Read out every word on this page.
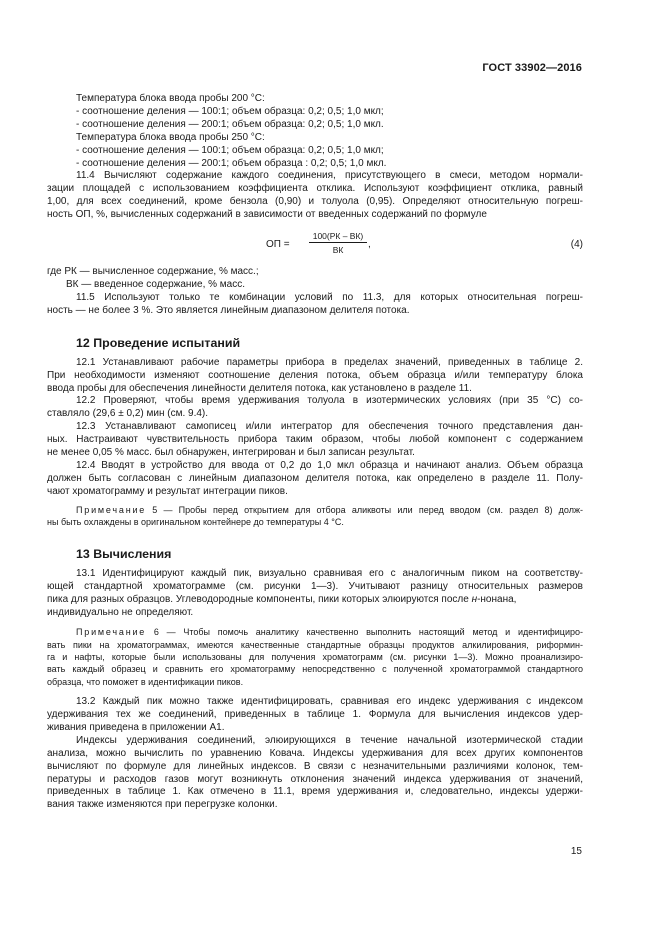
ГОСТ 33902—2016
Температура блока ввода пробы 200 °С:
- соотношение деления — 100:1; объем образца: 0,2; 0,5; 1,0 мкл;
- соотношение деления — 200:1; объем образца: 0,2; 0,5; 1,0 мкл.
Температура блока ввода пробы 250 °С:
- соотношение деления — 100:1; объем образца: 0,2; 0,5; 1,0 мкл;
- соотношение деления — 200:1; объем образца : 0,2; 0,5; 1,0 мкл.
11.4 Вычисляют содержание каждого соединения, присутствующего в смеси, методом нормали-
зации площадей с использованием коэффициента отклика. Используют коэффициент отклика, равный
1,00, для всех соединений, кроме бензола (0,90) и толуола (0,95). Определяют относительную погреш-
ность ОП, %, вычисленных содержаний в зависимости от введенных содержаний по формуле
ОП =
100(РК – ВК)
ВК	,	(4)
где РК — вычисленное содержание, % масс.;
ВК — введенное содержание, % масс.
11.5 Используют только те комбинации условий по 11.3, для которых относительная погреш-
ность — не более 3 %. Это является линейным диапазоном делителя потока.
12 Проведение испытаний
12.1 Устанавливают рабочие параметры прибора в пределах значений, приведенных в таблице 2.
При необходимости изменяют соотношение деления потока, объем образца и/или температуру блока
ввода пробы для обеспечения линейности делителя потока, как установлено в разделе 11.
12.2 Проверяют, чтобы время удерживания толуола в изотермических условиях (при 35 °С) со-
ставляло (29,6 ± 0,2) мин (см. 9.4).
12.3 Устанавливают самописец и/или интегратор для обеспечения точного представления дан-
ных. Настраивают чувствительность прибора таким образом, чтобы любой компонент с содержанием
не менее 0,05 % масс. был обнаружен, интегрирован и был записан результат.
12.4 Вводят в устройство для ввода от 0,2 до 1,0 мкл образца и начинают анализ. Объем образца
должен быть согласован с линейным диапазоном делителя потока, как определено в разделе 11. Полу-
чают хроматограмму и результат интеграции пиков.
Примечание 5 — Пробы перед открытием для отбора аликвоты или перед вводом (см. раздел 8) долж-
ны быть охлаждены в оригинальном контейнере до температуры 4 °С.
13 Вычисления
13.1 Идентифицируют каждый пик, визуально сравнивая его с аналогичным пиком на соответству-
ющей стандартной хроматограмме (см. рисунки 1—3). Учитывают разницу относительных размеров
пика для разных образцов. Углеводородные компоненты, пики которых элюируются после н-нонана,
индивидуально не определяют.
Примечание 6 — Чтобы помочь аналитику качественно выполнить настоящий метод и идентифициро-
вать пики на хроматограммах, имеются качественные стандартные образцы продуктов алкилирования, риформин-
га и нафты, которые были использованы для получения хроматограмм (см. рисунки 1—3). Можно проанализиро-
вать каждый образец и сравнить его хроматограмму непосредственно с полученной хроматограммой стандартного
образца, что поможет в идентификации пиков.
13.2 Каждый пик можно также идентифицировать, сравнивая его индекс удерживания с индексом
удерживания тех же соединений, приведенных в таблице 1. Формула для вычисления индексов удер-
живания приведена в приложении А1.
Индексы удерживания соединений, элюирующихся в течение начальной изотермической стадии
анализа, можно вычислить по уравнению Ковача. Индексы удерживания для всех других компонентов
вычисляют по формуле для линейных индексов. В связи с незначительными различиями колонок, тем-
пературы и расходов газов могут возникнуть отклонения значений индекса удерживания от значений,
приведенных в таблице 1. Как отмечено в 11.1, время удерживания и, следовательно, индексы удержи-
вания также изменяются при перегрузке колонки.
15
